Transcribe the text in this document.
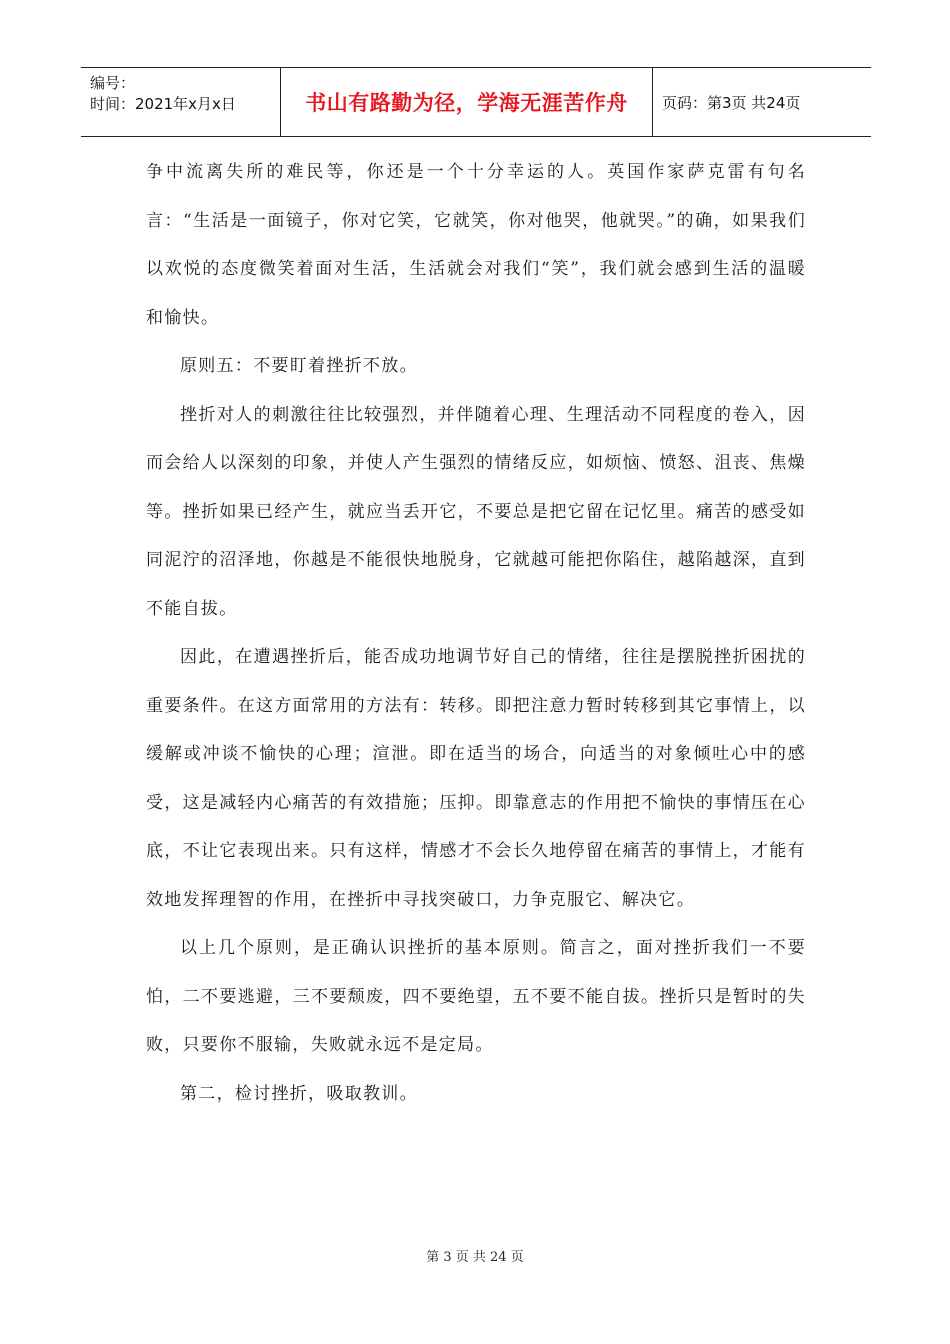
编号：
时间：2021年x月x日	书山有路勤为径，学海无涯苦作舟 页码：第3页 共24页

争中流离失所的难民等，你还是一个十分幸运的人。英国作家萨克雷有句名言：“生活是一面镜子，你对它笑，它就笑，你对他哭，他就哭。”的确，如果我们以欢悦的态度微笑着面对生活，生活就会对我们“笑”，我们就会感到生活的温暖和愉快。

原则五：不要盯着挫折不放。

挫折对人的刺激往往比较强烈，并伴随着心理、生理活动不同程度的卷入，因而会给人以深刻的印象，并使人产生强烈的情绪反应，如烦恼、愤怒、沮丧、焦燥等。挫折如果已经产生，就应当丢开它，不要总是把它留在记忆里。痛苦的感受如同泥泞的沼泽地，你越是不能很快地脱身，它就越可能把你陷住，越陷越深，直到不能自拔。

因此，在遭遇挫折后，能否成功地调节好自己的情绪，往往是摆脱挫折困扰的重要条件。在这方面常用的方法有：转移。即把注意力暂时转移到其它事情上，以缓解或冲谈不愉快的心理；渲泄。即在适当的场合，向适当的对象倾吐心中的感受，这是减轻内心痛苦的有效措施；压抑。即靠意志的作用把不愉快的事情压在心底，不让它表现出来。只有这样，情感才不会长久地停留在痛苦的事情上，才能有效地发挥理智的作用，在挫折中寻找突破口，力争克服它、解决它。

以上几个原则，是正确认识挫折的基本原则。简言之，面对挫折我们一不要怕，二不要逃避，三不要颓废，四不要绝望，五不要不能自拔。挫折只是暂时的失败，只要你不服输，失败就永远不是定局。

第二，检讨挫折，吸取教训。

第 3 页 共 24 页
